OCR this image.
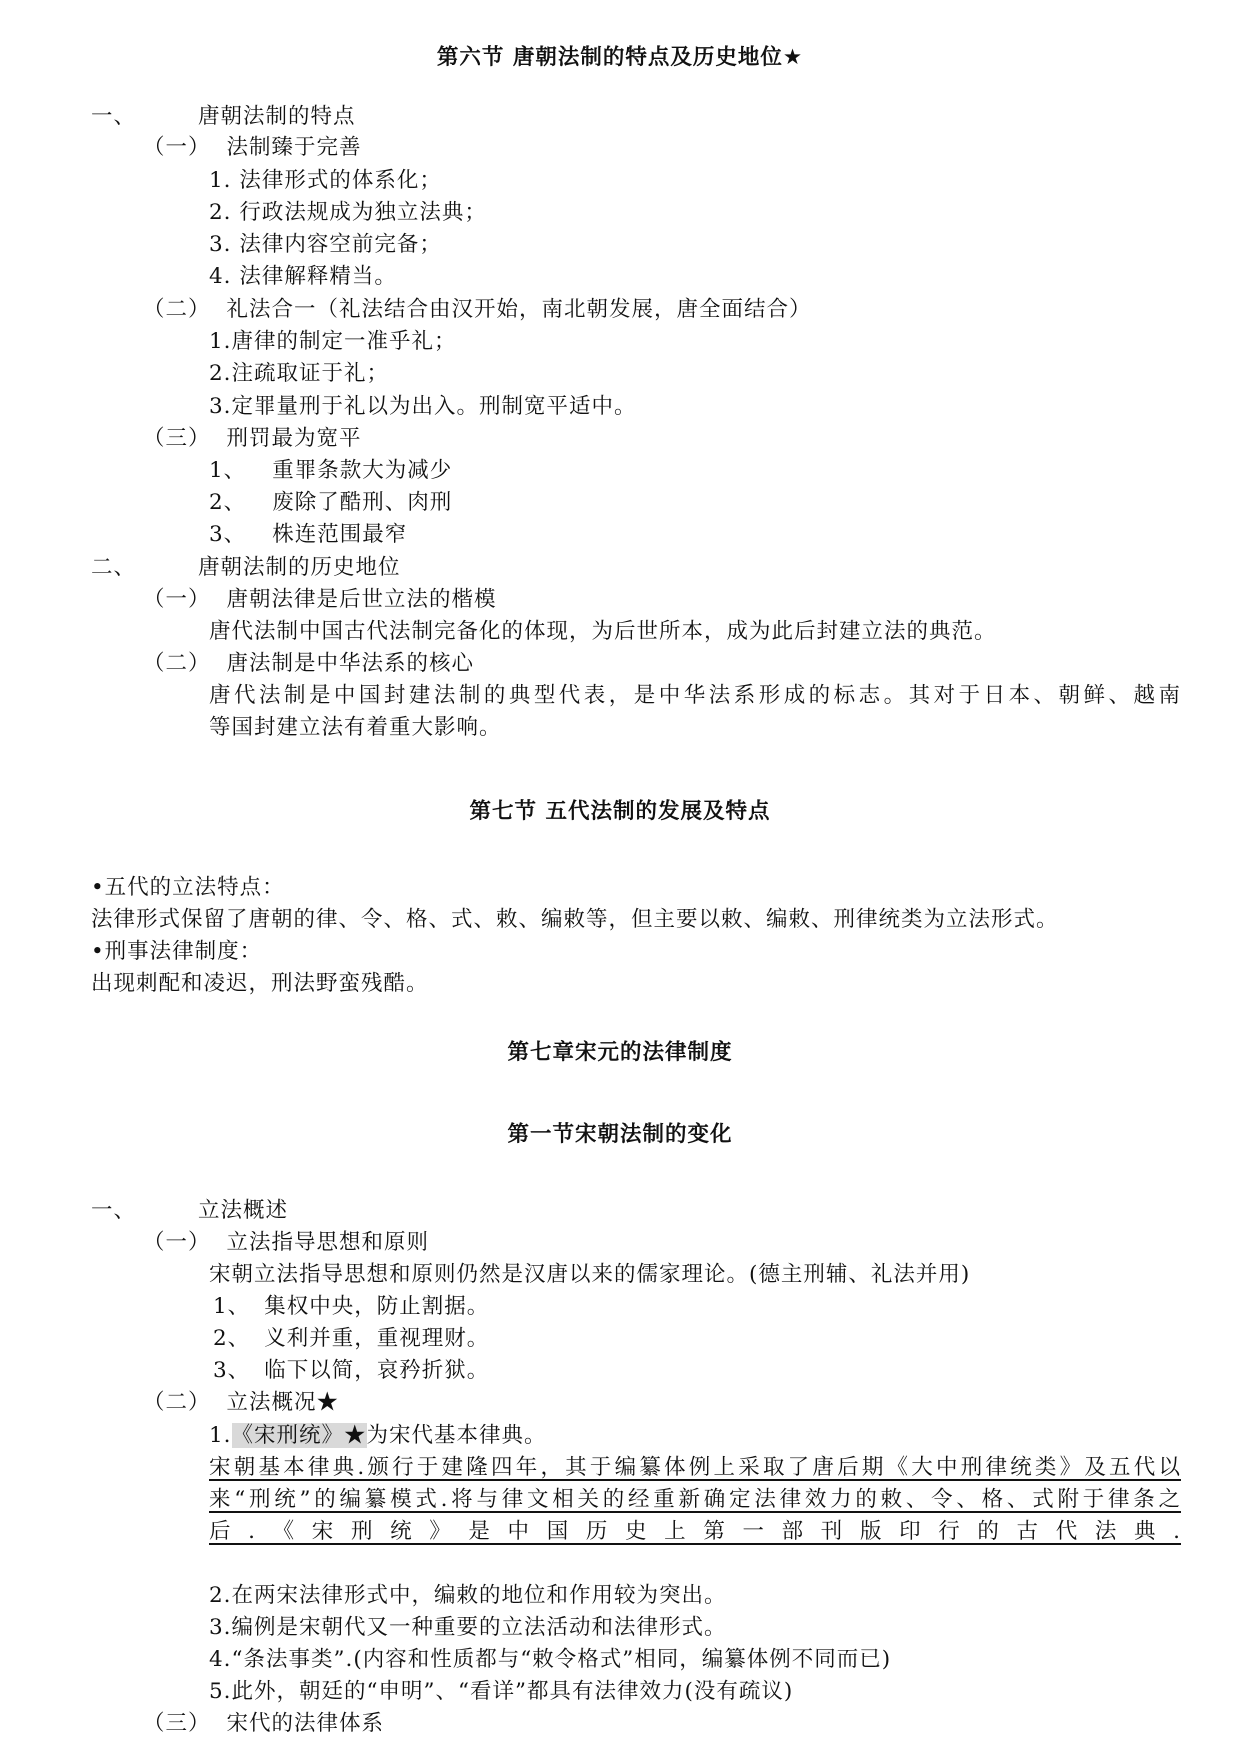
第六节 唐朝法制的特点及历史地位★
一、	唐朝法制的特点
（一） 法制臻于完善
1. 法律形式的体系化；
2. 行政法规成为独立法典；
3. 法律内容空前完备；
4. 法律解释精当。
（二） 礼法合一（礼法结合由汉开始，南北朝发展，唐全面结合）
1.唐律的制定一准乎礼；
2.注疏取证于礼；
3.定罪量刑于礼以为出入。刑制宽平适中。
（三） 刑罚最为宽平
1、 重罪条款大为减少
2、 废除了酷刑、肉刑
3、 株连范围最窄
二、	唐朝法制的历史地位
（一） 唐朝法律是后世立法的楷模
唐代法制中国古代法制完备化的体现，为后世所本，成为此后封建立法的典范。
（二） 唐法制是中华法系的核心
唐代法制是中国封建法制的典型代表，是中华法系形成的标志。其对于日本、朝鲜、越南
等国封建立法有着重大影响。
第七节 五代法制的发展及特点
•五代的立法特点：
法律形式保留了唐朝的律、令、格、式、敕、编敕等，但主要以敕、编敕、刑律统类为立法形式。
•刑事法律制度：
出现刺配和凌迟，刑法野蛮残酷。
第七章宋元的法律制度
第一节宋朝法制的变化
一、	立法概述
（一） 立法指导思想和原则
宋朝立法指导思想和原则仍然是汉唐以来的儒家理论。(德主刑辅、礼法并用)
1、 集权中央，防止割据。
2、 义利并重，重视理财。
3、 临下以简，哀矜折狱。
（二） 立法概况★
1.《宋刑统》★为宋代基本律典。
宋朝基本律典.颁行于建隆四年，其于编纂体例上采取了唐后期《大中刑律统类》及五代以
来“刑统”的编纂模式.将与律文相关的经重新确定法律效力的敕、令、格、式附于律条之
后.《宋刑统》是中国历史上第一部刊版印行的古代法典.
2.在两宋法律形式中，编敕的地位和作用较为突出。
3.编例是宋朝代又一种重要的立法活动和法律形式。
4.“条法事类”.(内容和性质都与“敕令格式”相同，编纂体例不同而已)
5.此外，朝廷的“申明”、“看详”都具有法律效力(没有疏议)
（三） 宋代的法律体系
